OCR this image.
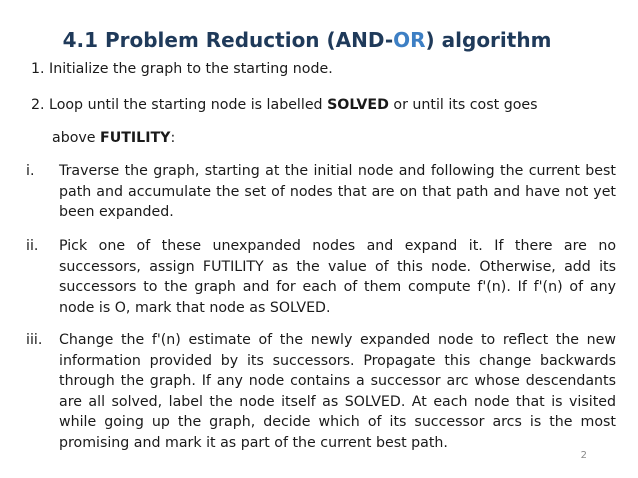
4.1 Problem Reduction (AND-OR) algorithm

1. Initialize the graph to the starting node.

2. Loop until the starting node is labelled SOLVED or until its cost goes

above FUTILITY:

i.	Traverse the graph, starting at the initial node and following the current best path and accumulate the set of nodes that are on that path and have not yet been expanded.
ii.	Pick one of these unexpanded nodes and expand it. If there are no successors, assign FUTILITY as the value of this node. Otherwise, add its successors to the graph and for each of them compute f'(n). If f'(n) of any node is O, mark that node as SOLVED.
iii.	Change the f'(n) estimate of the newly expanded node to reflect the new information provided by its successors. Propagate this change backwards through the graph. If any node contains a successor arc whose descendants are all solved, label the node itself as SOLVED. At each node that is visited while going up the graph, decide which of its successor arcs is the most promising and mark it as part of the current best path.
2
